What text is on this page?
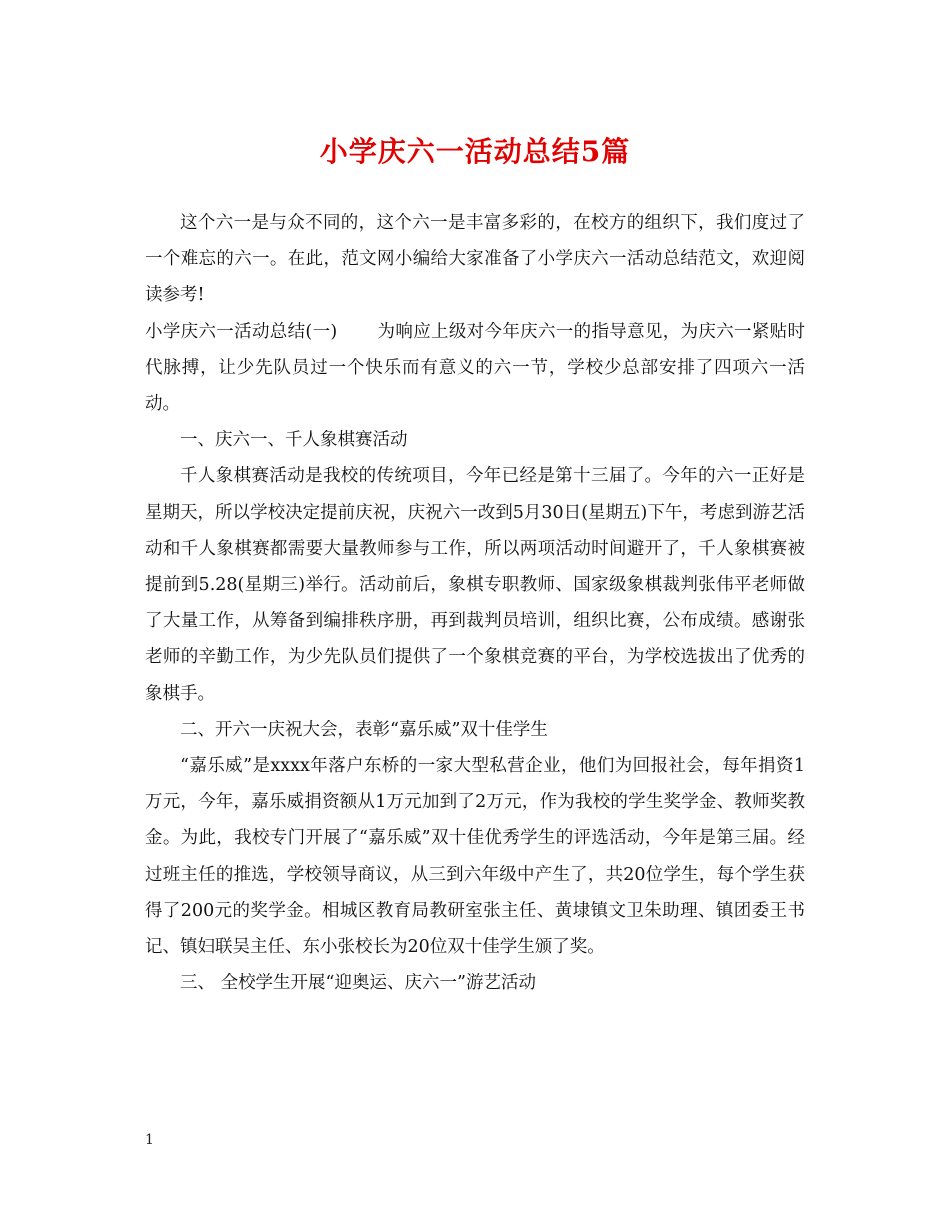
小学庆六一活动总结5篇

这个六一是与众不同的，这个六一是丰富多彩的，在校方的组织下，我们度过了一个难忘的六一。在此，范文网小编给大家准备了小学庆六一活动总结范文，欢迎阅读参考!

小学庆六一活动总结(一) 为响应上级对今年庆六一的指导意见，为庆六一紧贴时代脉搏，让少先队员过一个快乐而有意义的六一节，学校少总部安排了四项六一活动。

一、庆六一、千人象棋赛活动

千人象棋赛活动是我校的传统项目，今年已经是第十三届了。今年的六一正好是星期天，所以学校决定提前庆祝，庆祝六一改到5月30日(星期五)下午，考虑到游艺活动和千人象棋赛都需要大量教师参与工作，所以两项活动时间避开了，千人象棋赛被提前到5.28(星期三)举行。活动前后，象棋专职教师、国家级象棋裁判张伟平老师做了大量工作，从筹备到编排秩序册，再到裁判员培训，组织比赛，公布成绩。感谢张老师的辛勤工作，为少先队员们提供了一个象棋竞赛的平台，为学校选拔出了优秀的象棋手。

二、开六一庆祝大会，表彰“嘉乐威”双十佳学生

“嘉乐威”是xxxx年落户东桥的一家大型私营企业，他们为回报社会，每年捐资1万元，今年，嘉乐威捐资额从1万元加到了2万元，作为我校的学生奖学金、教师奖教金。为此，我校专门开展了“嘉乐威”双十佳优秀学生的评选活动，今年是第三届。经过班主任的推选，学校领导商议，从三到六年级中产生了，共20位学生，每个学生获得了200元的奖学金。相城区教育局教研室张主任、黄埭镇文卫朱助理、镇团委王书记、镇妇联吴主任、东小张校长为20位双十佳学生颁了奖。

三、 全校学生开展“迎奥运、庆六一”游艺活动

1
